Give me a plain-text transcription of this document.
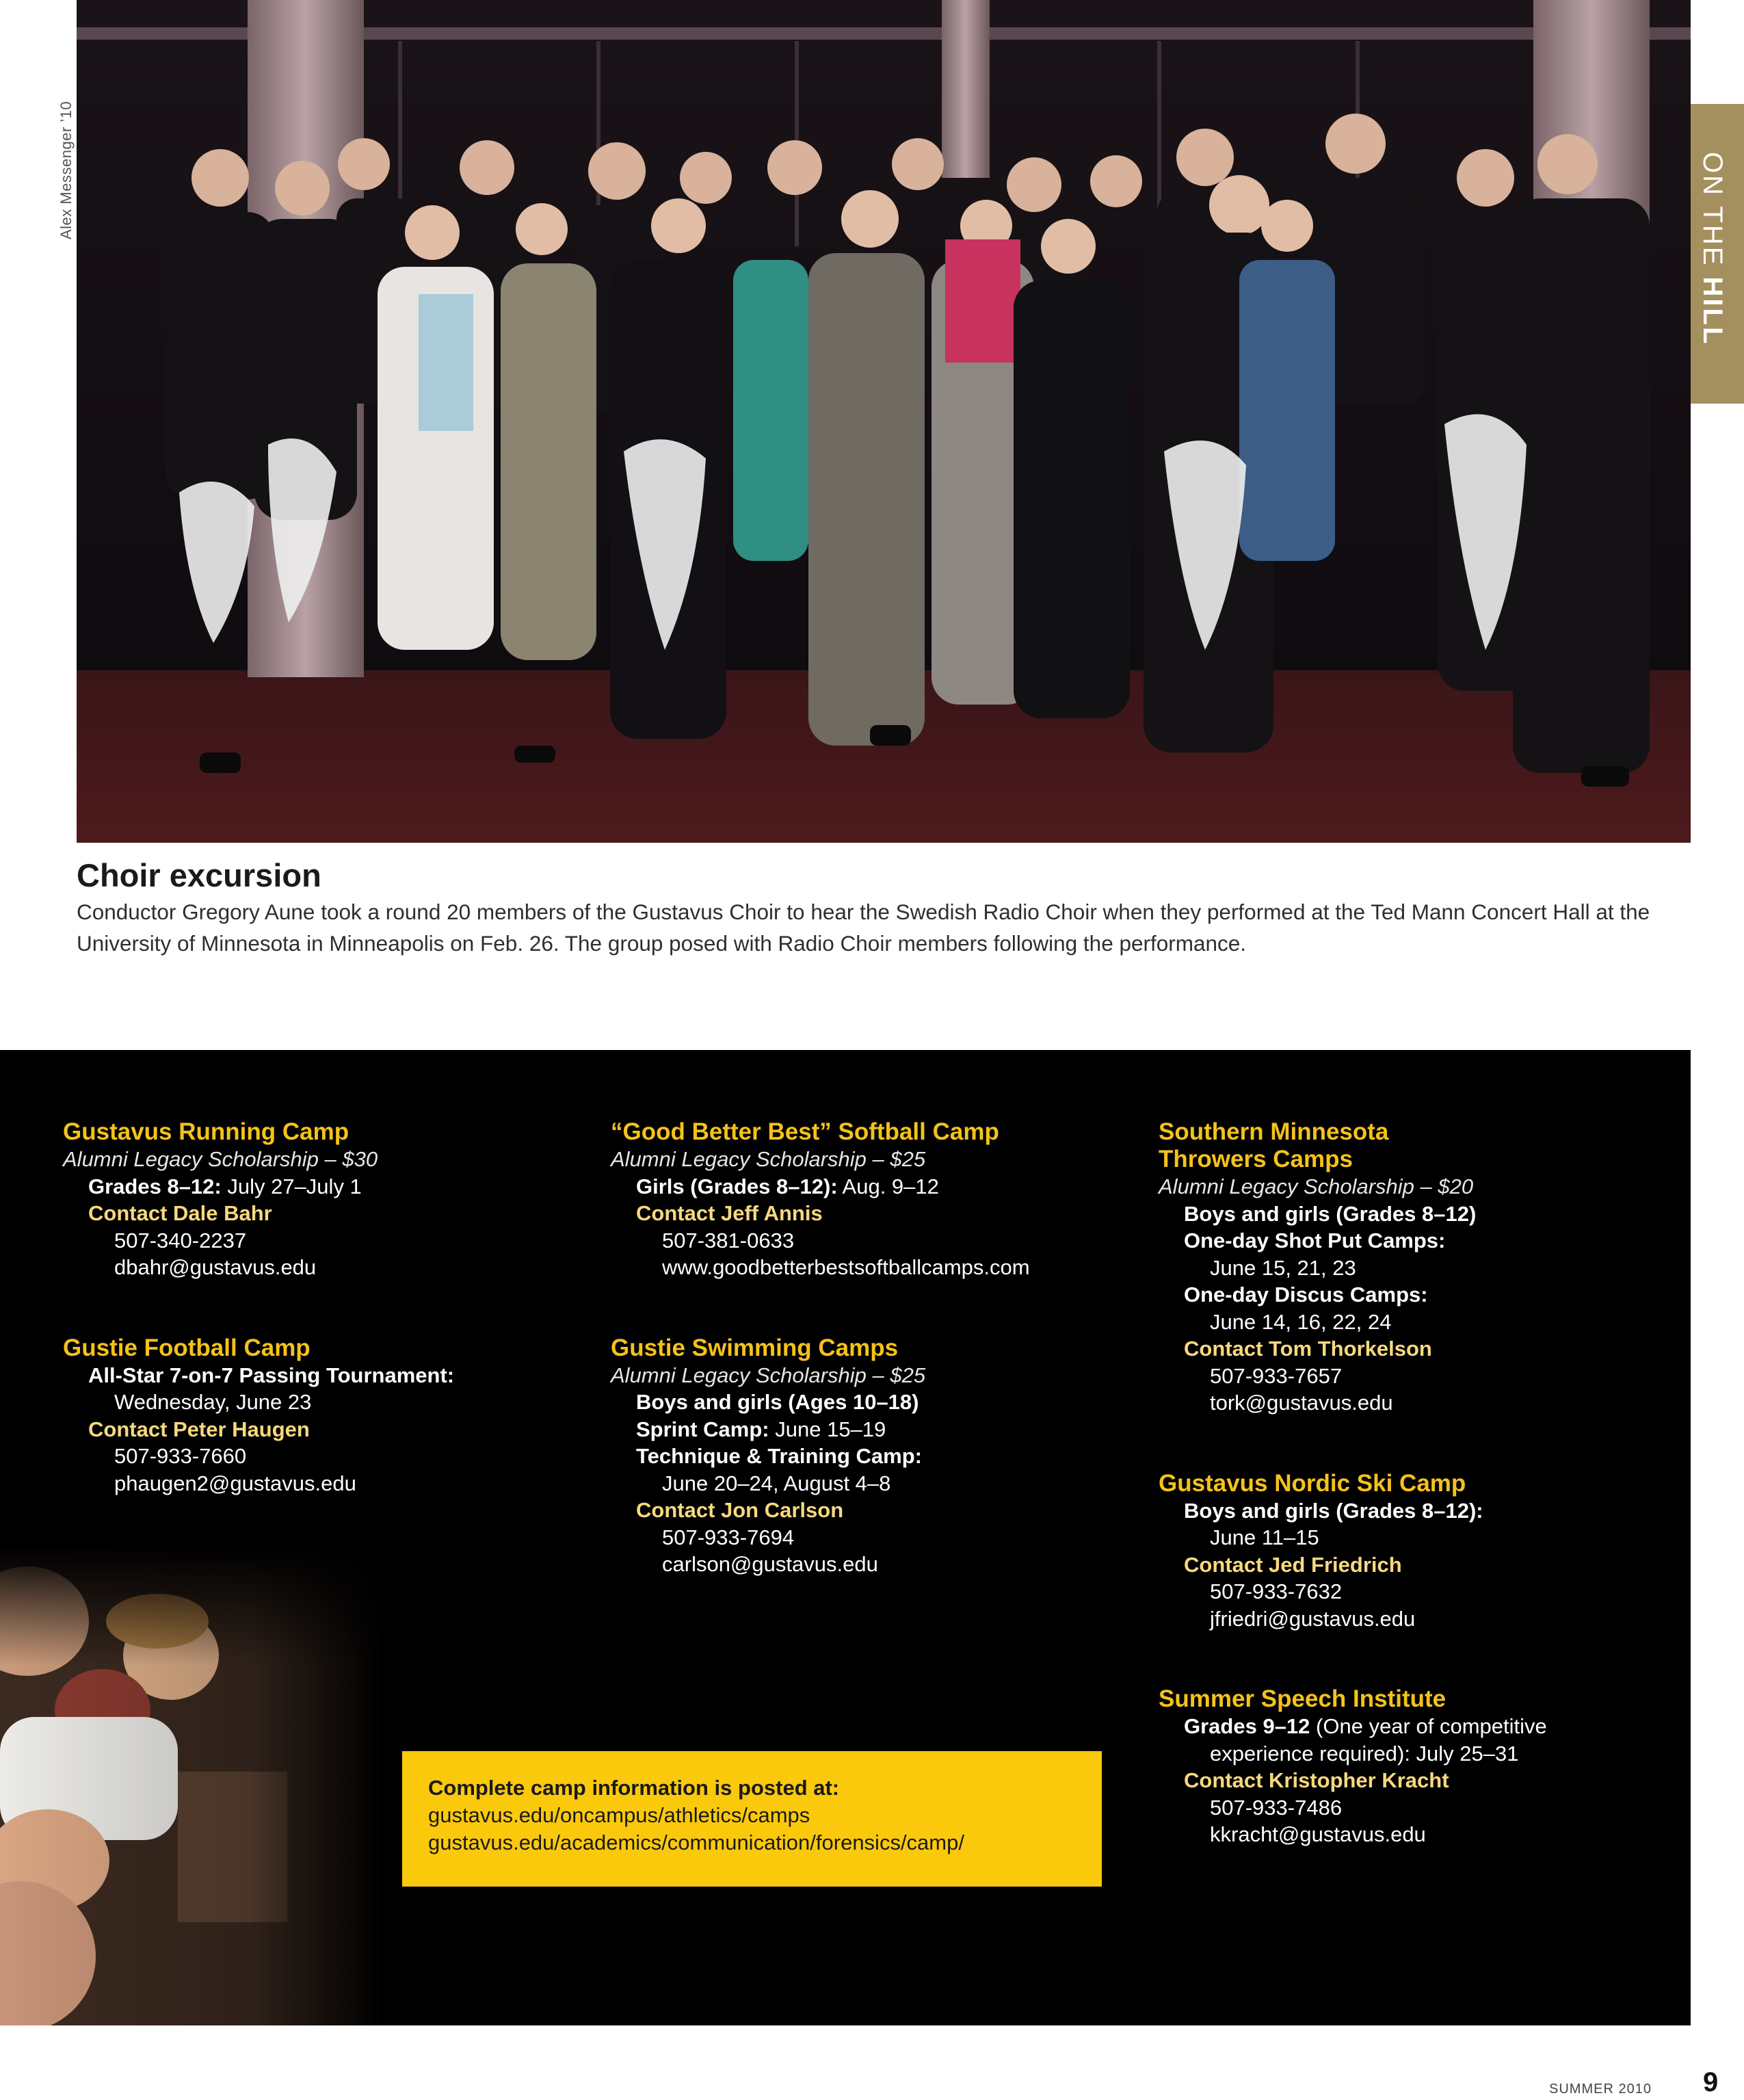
Alex Messenger ’10	ON THE HILL
Choir excursion
Conductor Gregory Aune took a round 20 members of the Gustavus Choir to hear the Swedish Radio Choir when they performed at the Ted Mann Concert Hall at the University of Minnesota in Minneapolis on Feb. 26. The group posed with Radio Choir members following the performance.
Gustavus Running Camp
Alumni Legacy Scholarship – $30
Grades 8–12: July 27–July 1
Contact Dale Bahr
507-340-2237
dbahr@gustavus.edu
Gustie Football Camp
All-Star 7-on-7 Passing Tournament:
Wednesday, June 23
Contact Peter Haugen
507-933-7660
phaugen2@gustavus.edu
“Good Better Best” Softball Camp
Alumni Legacy Scholarship – $25
Girls (Grades 8–12): Aug. 9–12
Contact Jeff Annis
507-381-0633
www.goodbetterbestsoftballcamps.com
Gustie Swimming Camps
Alumni Legacy Scholarship – $25
Boys and girls (Ages 10–18)
Sprint Camp: June 15–19
Technique & Training Camp:
June 20–24, August 4–8
Contact Jon Carlson
507-933-7694
carlson@gustavus.edu
Southern Minnesota
Throwers Camps
Alumni Legacy Scholarship – $20
Boys and girls (Grades 8–12)
One-day Shot Put Camps:
June 15, 21, 23
One-day Discus Camps:
June 14, 16, 22, 24
Contact Tom Thorkelson
507-933-7657
tork@gustavus.edu
Gustavus Nordic Ski Camp
Boys and girls (Grades 8–12):
June 11–15
Contact Jed Friedrich
507-933-7632
jfriedri@gustavus.edu
Summer Speech Institute
Grades 9–12 (One year of competitive experience required): July 25–31
Contact Kristopher Kracht
507-933-7486
kkracht@gustavus.edu
Complete camp information is posted at:
gustavus.edu/oncampus/athletics/camps
gustavus.edu/academics/communication/forensics/camp/
SUMMER 2010 9
